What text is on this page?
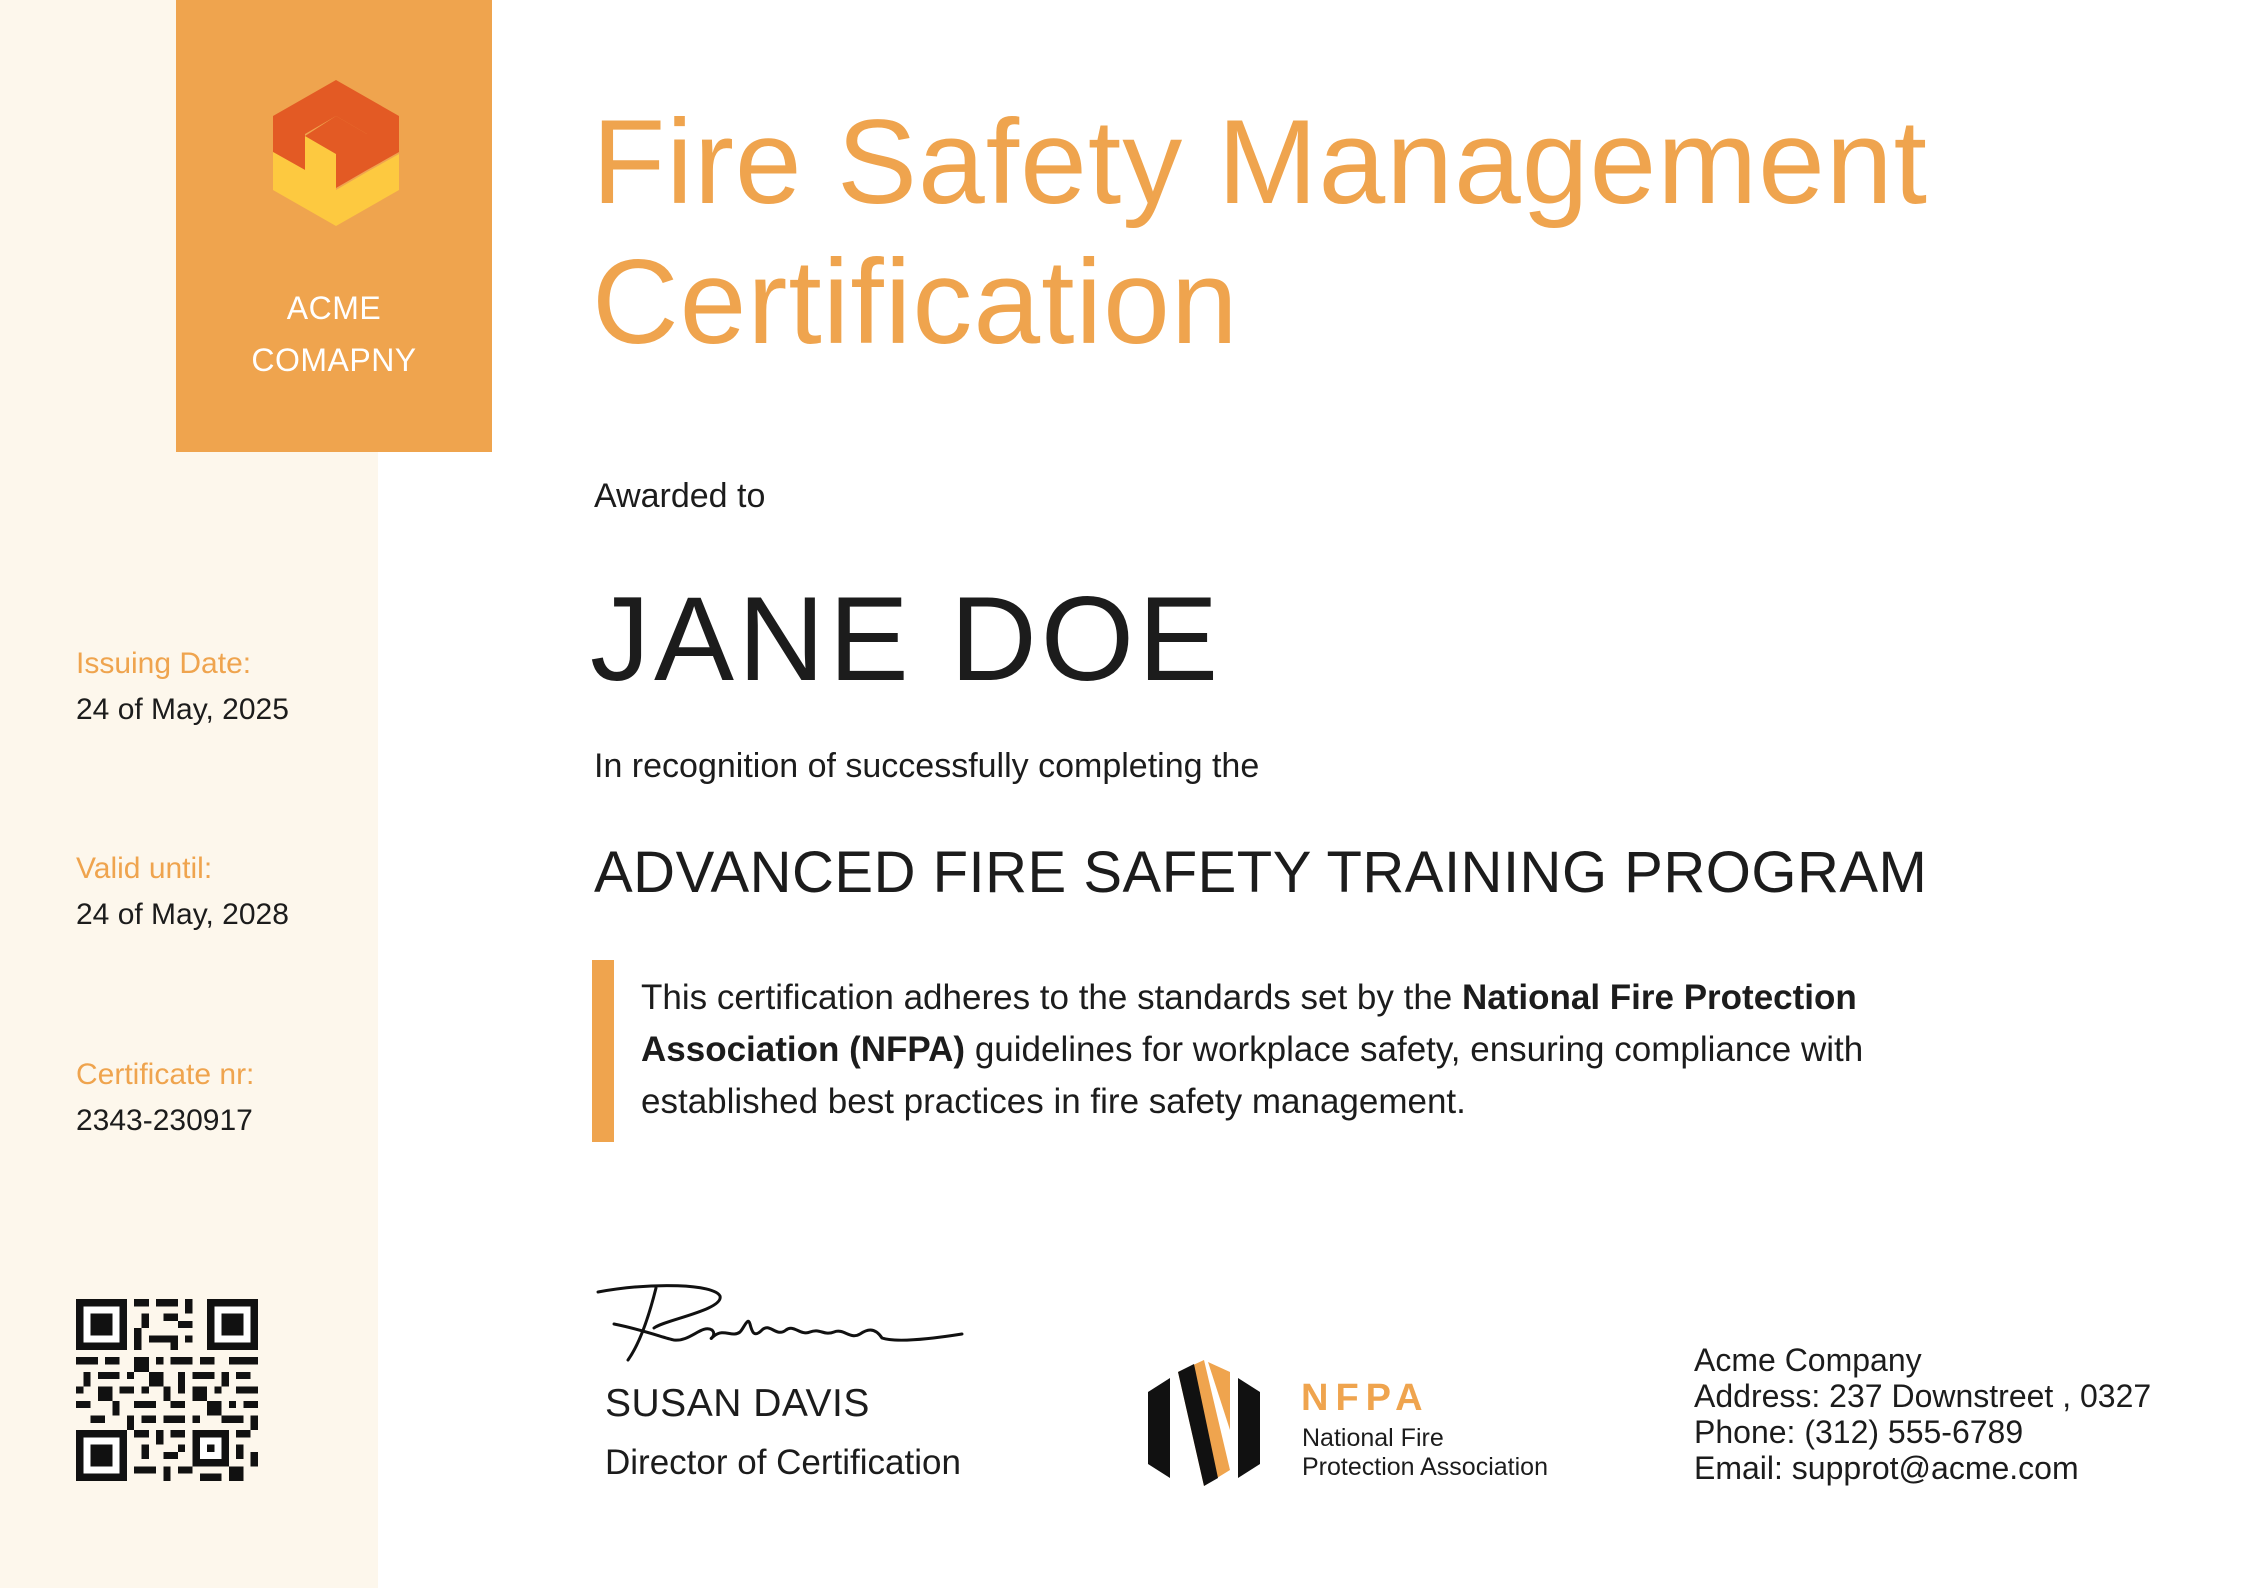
ACME
COMAPNY
Issuing Date:
24 of May, 2025
Valid until:
24 of May, 2028
Certificate nr:
2343-230917
Fire Safety Management
Certification
Awarded to
JANE DOE
In recognition of successfully completing the
ADVANCED FIRE SAFETY TRAINING PROGRAM
This certification adheres to the standards set by the National Fire Protection Association (NFPA) guidelines for workplace safety, ensuring compliance with established best practices in fire safety management.
SUSAN DAVIS
Director of Certification
NFPA
National Fire
Protection Association
Acme Company
Address: 237 Downstreet , 0327
Phone: (312) 555-6789
Email: supprot@acme.com
